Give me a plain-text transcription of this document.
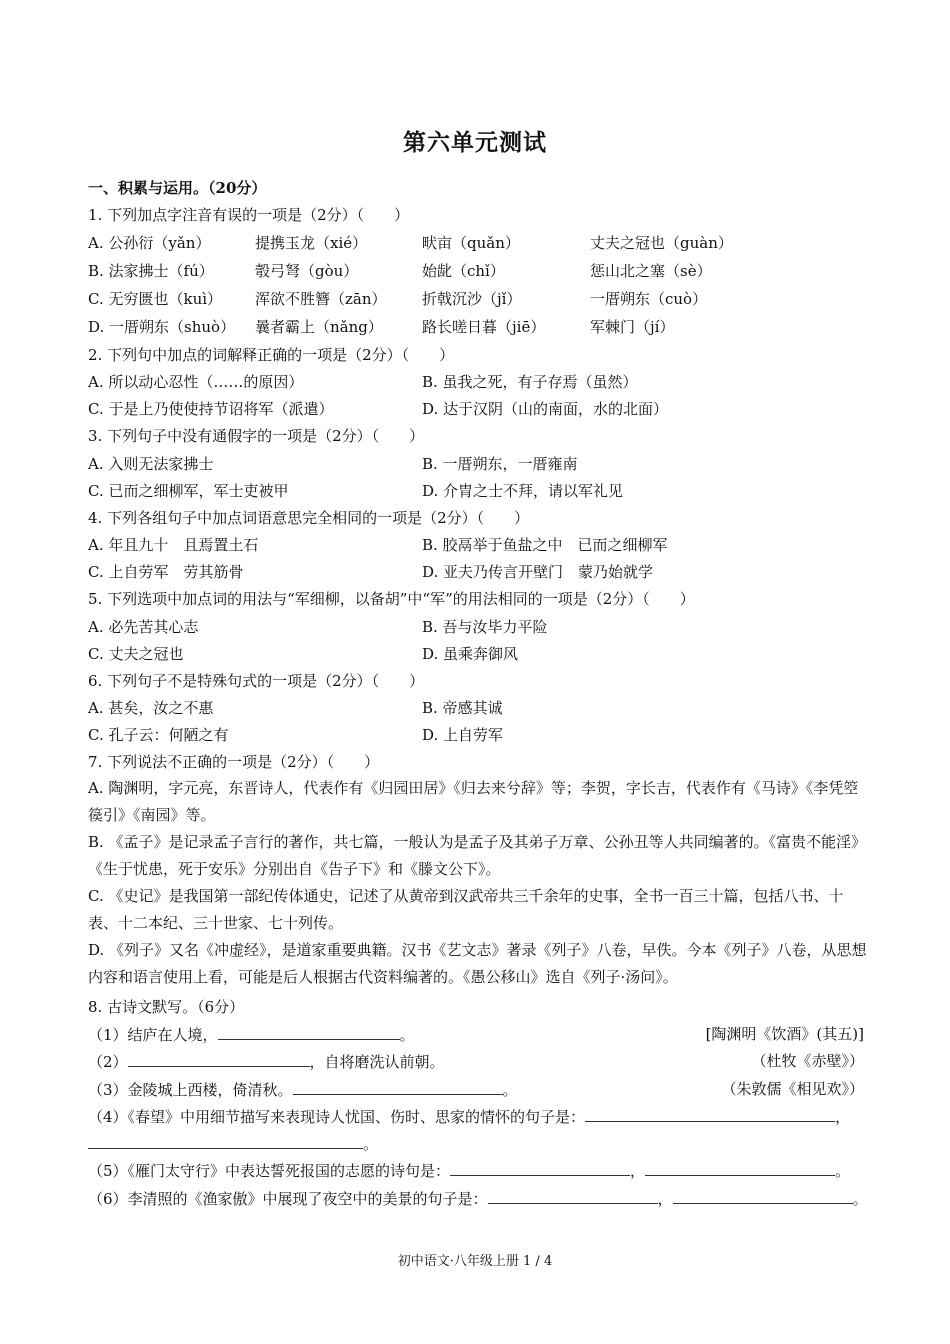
第六单元测试
一、积累与运用。（20分）
1. 下列加点字注音有误的一项是（2分）（　　）
A. 公孙衍（yǎn）	提携玉龙（xié）	畎亩（quǎn）	丈夫之冠也（guàn）
B. 法家拂士（fú）	彀弓弩（gòu）	始龀（chǐ）	惩山北之塞（sè）
C. 无穷匮也（kuì） 浑欲不胜簪（zān） 折戟沉沙（jǐ）	一厝朔东（cuò）
D. 一厝朔东（shuò） 曩者霸上（nǎng）	路长嗟日暮（jiē）	军棘门（jí）
2. 下列句中加点的词解释正确的一项是（2分）（　　）
A. 所以动心忍性（……的原因）	B. 虽我之死，有子存焉（虽然）
C. 于是上乃使使持节诏将军（派遣）	D. 达于汉阴（山的南面，水的北面）
3. 下列句子中没有通假字的一项是（2分）（　　）
A. 入则无法家拂士	B. 一厝朔东，一厝雍南
C. 已而之细柳军，军士吏被甲	D. 介胄之士不拜，请以军礼见
4. 下列各组句子中加点词语意思完全相同的一项是（2分）（　　）
A. 年且九十　且焉置土石	B. 胶鬲举于鱼盐之中　已而之细柳军
C. 上自劳军　劳其筋骨	D. 亚夫乃传言开壁门　蒙乃始就学
5. 下列选项中加点词的用法与“军细柳，以备胡”中“军”的用法相同的一项是（2分）（　　）
A. 必先苦其心志	B. 吾与汝毕力平险
C. 丈夫之冠也	D. 虽乘奔御风
6. 下列句子不是特殊句式的一项是（2分）（　　）
A. 甚矣，汝之不惠	B. 帝感其诚
C. 孔子云：何陋之有	D. 上自劳军
7. 下列说法不正确的一项是（2分）（　　）
A. 陶渊明，字元亮，东晋诗人，代表作有《归园田居》《归去来兮辞》等；李贺，字长吉，代表作有《马诗》《李凭箜篌引》《南园》等。
B. 《孟子》是记录孟子言行的著作，共七篇，一般认为是孟子及其弟子万章、公孙丑等人共同编著的。《富贵不能淫》《生于忧患，死于安乐》分别出自《告子下》和《滕文公下》。
C. 《史记》是我国第一部纪传体通史，记述了从黄帝到汉武帝共三千余年的史事，全书一百三十篇，包括八书、十表、十二本纪、三十世家、七十列传。
D. 《列子》又名《冲虚经》，是道家重要典籍。汉书《艺文志》著录《列子》八卷，早佚。今本《列子》八卷，从思想内容和语言使用上看，可能是后人根据古代资料编著的。《愚公移山》选自《列子·汤问》。
8. 古诗文默写。（6分）
（1）结庐在人境，	。	[陶渊明《饮酒》(其五)]
（2）	，自将磨洗认前朝。	（杜牧《赤壁》）
（3）金陵城上西楼，倚清秋。	。	（朱敦儒《相见欢》）
（4）《春望》中用细节描写来表现诗人忧国、伤时、思家的情怀的句子是：	，
。
（5）《雁门太守行》中表达誓死报国的志愿的诗句是：	，	。
（6）李清照的《渔家傲》中展现了夜空中的美景的句子是：	，	。
初中语文·八年级上册 1 / 4
